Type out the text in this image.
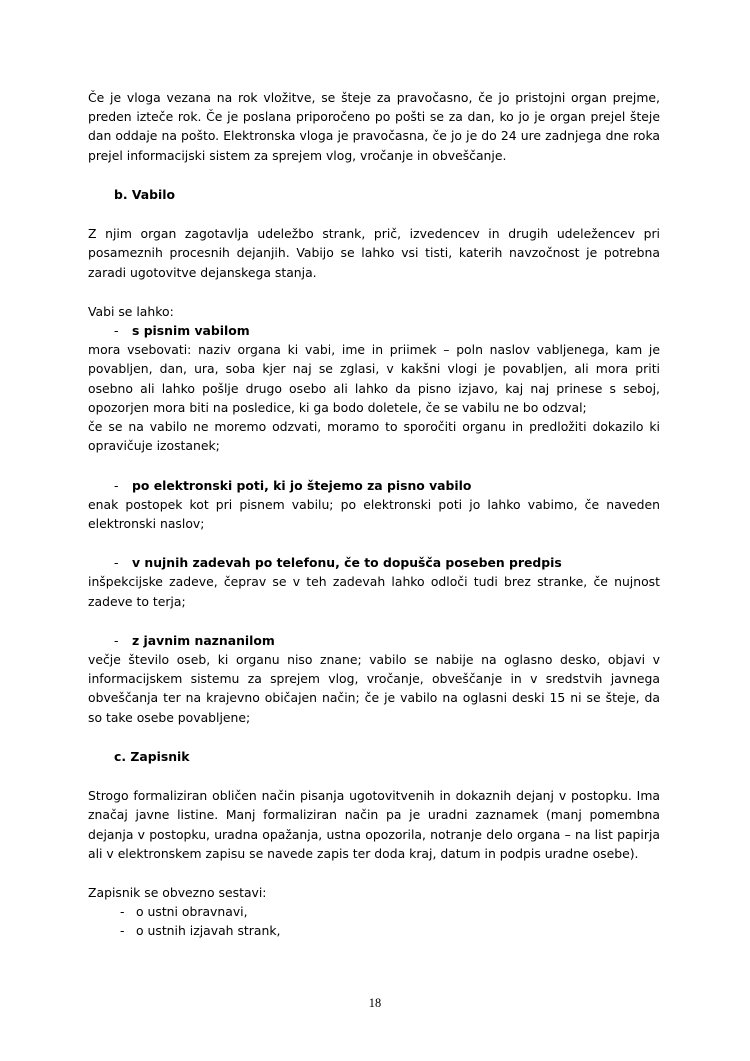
Če je vloga vezana na rok vložitve, se šteje za pravočasno, če jo pristojni organ prejme, preden izteče rok. Če je poslana priporočeno po pošti se za dan, ko jo je organ prejel šteje dan oddaje na pošto. Elektronska vloga je pravočasna, če jo je do 24 ure zadnjega dne roka prejel informacijski sistem za sprejem vlog, vročanje in obveščanje.

b. Vabilo

Z njim organ zagotavlja udeležbo strank, prič, izvedencev in drugih udeležencev pri posameznih procesnih dejanjih. Vabijo se lahko vsi tisti, katerih navzočnost je potrebna zaradi ugotovitve dejanskega stanja.

Vabi se lahko:

-	s pisnim vabilom

mora vsebovati: naziv organa ki vabi, ime in priimek – poln naslov vabljenega, kam je povabljen, dan, ura, soba kjer naj se zglasi, v kakšni vlogi je povabljen, ali mora priti osebno ali lahko pošlje drugo osebo ali lahko da pisno izjavo, kaj naj prinese s seboj, opozorjen mora biti na posledice, ki ga bodo doletele, če se vabilu ne bo odzval;

če se na vabilo ne moremo odzvati, moramo to sporočiti organu in predložiti dokazilo ki opravičuje izostanek;

-	po elektronski poti, ki jo štejemo za pisno vabilo

enak postopek kot pri pisnem vabilu; po elektronski poti jo lahko vabimo, če naveden elektronski naslov;

-	v nujnih zadevah po telefonu, če to dopušča poseben predpis

inšpekcijske zadeve, čeprav se v teh zadevah lahko odloči tudi brez stranke, če nujnost zadeve to terja;

-	z javnim naznanilom

večje število oseb, ki organu niso znane; vabilo se nabije na oglasno desko, objavi v informacijskem sistemu za sprejem vlog, vročanje, obveščanje in v sredstvih javnega obveščanja ter na krajevno običajen način; če je vabilo na oglasni deski 15 ni se šteje, da so take osebe povabljene;

c. Zapisnik

Strogo formaliziran obličen način pisanja ugotovitvenih in dokaznih dejanj v postopku. Ima značaj javne listine. Manj formaliziran način pa je uradni zaznamek (manj pomembna dejanja v postopku, uradna opažanja, ustna opozorila, notranje delo organa – na list papirja ali v elektronskem zapisu se navede zapis ter doda kraj, datum in podpis uradne osebe).

Zapisnik se obvezno sestavi:

- o ustni obravnavi,
- o ustnih izjavah strank,
18
